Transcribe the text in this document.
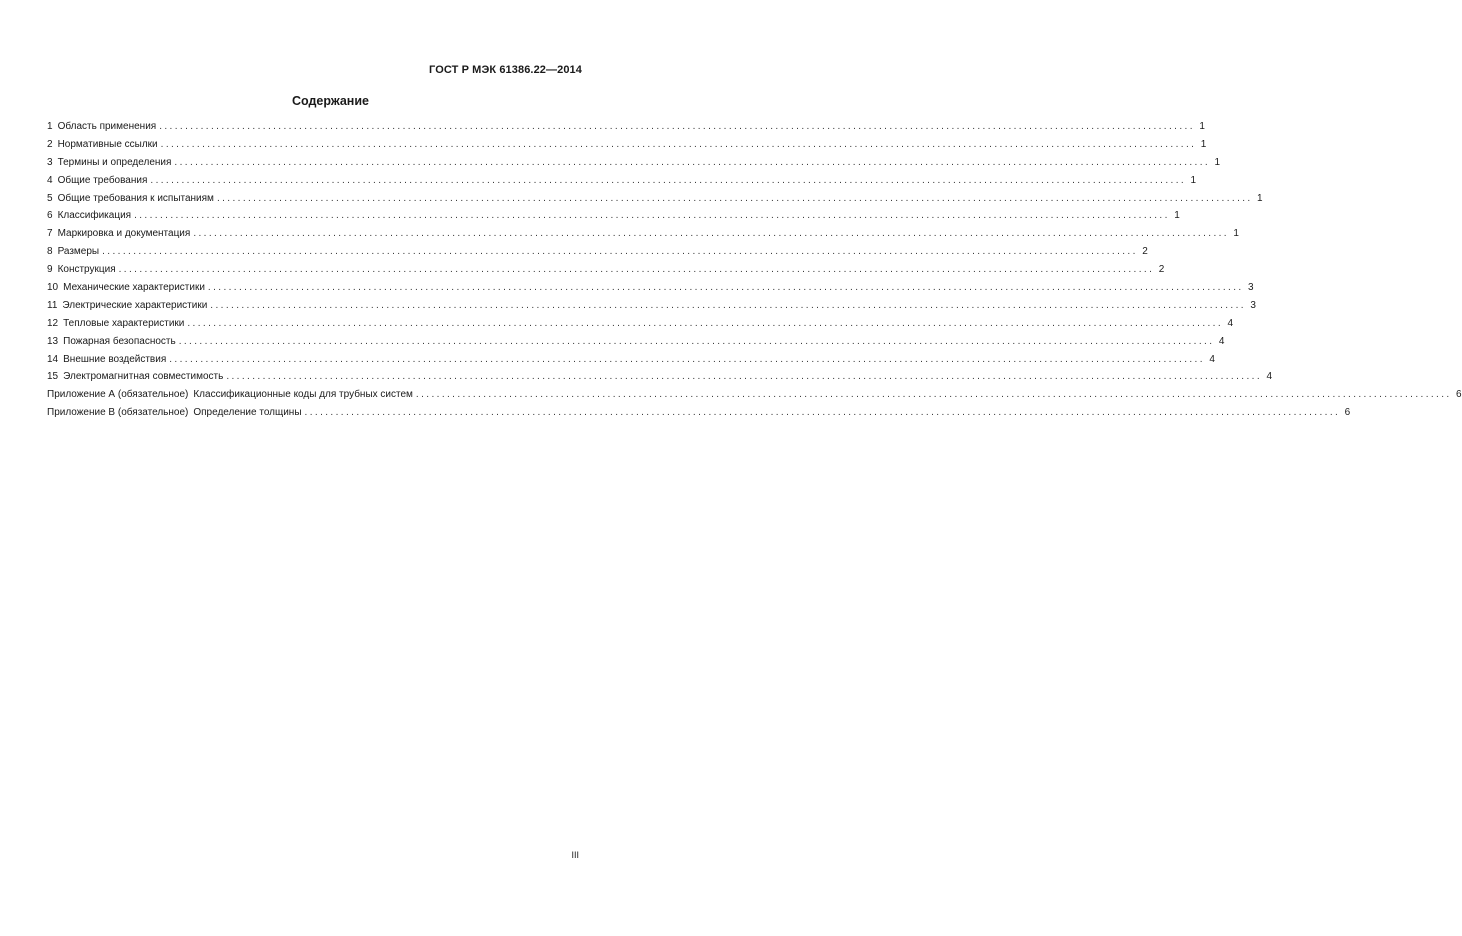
ГОСТ Р МЭК 61386.22—2014
Содержание
1 Область применения ........................................................................................................................................................................................................ 1
2 Нормативные ссылки ........................................................................................................................................................................................................ 1
3 Термины и определения ........................................................................................................................................................................................................ 1
4 Общие требования ........................................................................................................................................................................................................ 1
5 Общие требования к испытаниям ........................................................................................................................................................................................................ 1
6 Классификация ........................................................................................................................................................................................................ 1
7 Маркировка и документация ........................................................................................................................................................................................................ 1
8 Размеры ........................................................................................................................................................................................................ 2
9 Конструкция ........................................................................................................................................................................................................ 2
10 Механические характеристики ........................................................................................................................................................................................................ 3
11 Электрические характеристики ........................................................................................................................................................................................................ 3
12 Тепловые характеристики ........................................................................................................................................................................................................ 4
13 Пожарная безопасность ........................................................................................................................................................................................................ 4
14 Внешние воздействия ........................................................................................................................................................................................................ 4
15 Электромагнитная совместимость ........................................................................................................................................................................................................ 4
Приложение А (обязательное) Классификационные коды для трубных систем ........................................................................................................................................................................................................ 6
Приложение В (обязательное) Определение толщины ........................................................................................................................................................................................................ 6
III
